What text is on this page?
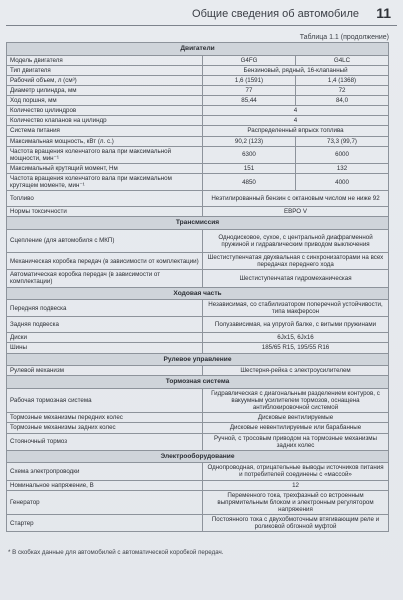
Общие сведения об автомобиле 11
Таблица 1.1 (продолжение)
Двигатели		
Модель двигателя	G4FG	G4LC
Тип двигателя	Бензиновый, рядный, 16-клапанный	
Рабочий объем, л (см³)	1,6 (1591)	1,4 (1368)
Диаметр цилиндра, мм	77	72
Ход поршня, мм	85,44	84,0
Количество цилиндров	4	
Количество клапанов на цилиндр	4	
Система питания	Распределенный впрыск топлива	
Максимальная мощность, кВт (л. с.)	90,2 (123)	73,3 (99,7)
Частота вращения коленчатого вала при максимальной мощности, мин⁻¹	6300	6000
Максимальный крутящий момент, Нм	151	132
Частота вращения коленчатого вала при максимальном крутящем моменте, мин⁻¹	4850	4000
Топливо	Неэтилированный бензин с октановым числом не ниже 92	
Нормы токсичности	ЕВРО V	
Трансмиссия		
Сцепление (для автомобиля с МКП)	Однодисковое, сухое, с центральной диафрагменной пружиной и гидравлическим приводом выключения	
Механическая коробка передач (в зависимости от комплектации)	Шестиступенчатая двухвальная с синхронизаторами на всех передачах переднего хода	
Автоматическая коробка передач (в зависимости от комплектации)	Шестиступенчатая гидромеханическая	
Ходовая часть		
Передняя подвеска	Независимая, со стабилизатором поперечной устойчивости, типа макферсон	
Задняя подвеска	Полузависимая, на упругой балке, с витыми пружинами	
Диски	6Jx15, 6Jx16	
Шины	185/65 R15, 195/55 R16	
Рулевое управление		
Рулевой механизм	Шестерня-рейка с электроусилителем	
Тормозная система		
Рабочая тормозная система	Гидравлическая с диагональным разделением контуров, с вакуумным усилителем тормозов, оснащена антиблокировочной системой	
Тормозные механизмы передних колес	Дисковые вентилируемые	
Тормозные механизмы задних колес	Дисковые невентилируемые или барабанные	
Стояночный тормоз	Ручной, с тросовым приводом на тормозные механизмы задних колес	
Электрооборудование		
Схема электропроводки	Однопроводная, отрицательные выводы источников питания и потребителей соединены с «массой»	
Номинальное напряжение, В	12	
Генератор	Переменного тока, трехфазный со встроенным выпрямительным блоком и электронным регулятором напряжения	
Стартер	Постоянного тока с двухобмоточным втягивающим реле и роликовой обгонной муфтой	
* В скобках данные для автомобилей с автоматической коробкой передач.
